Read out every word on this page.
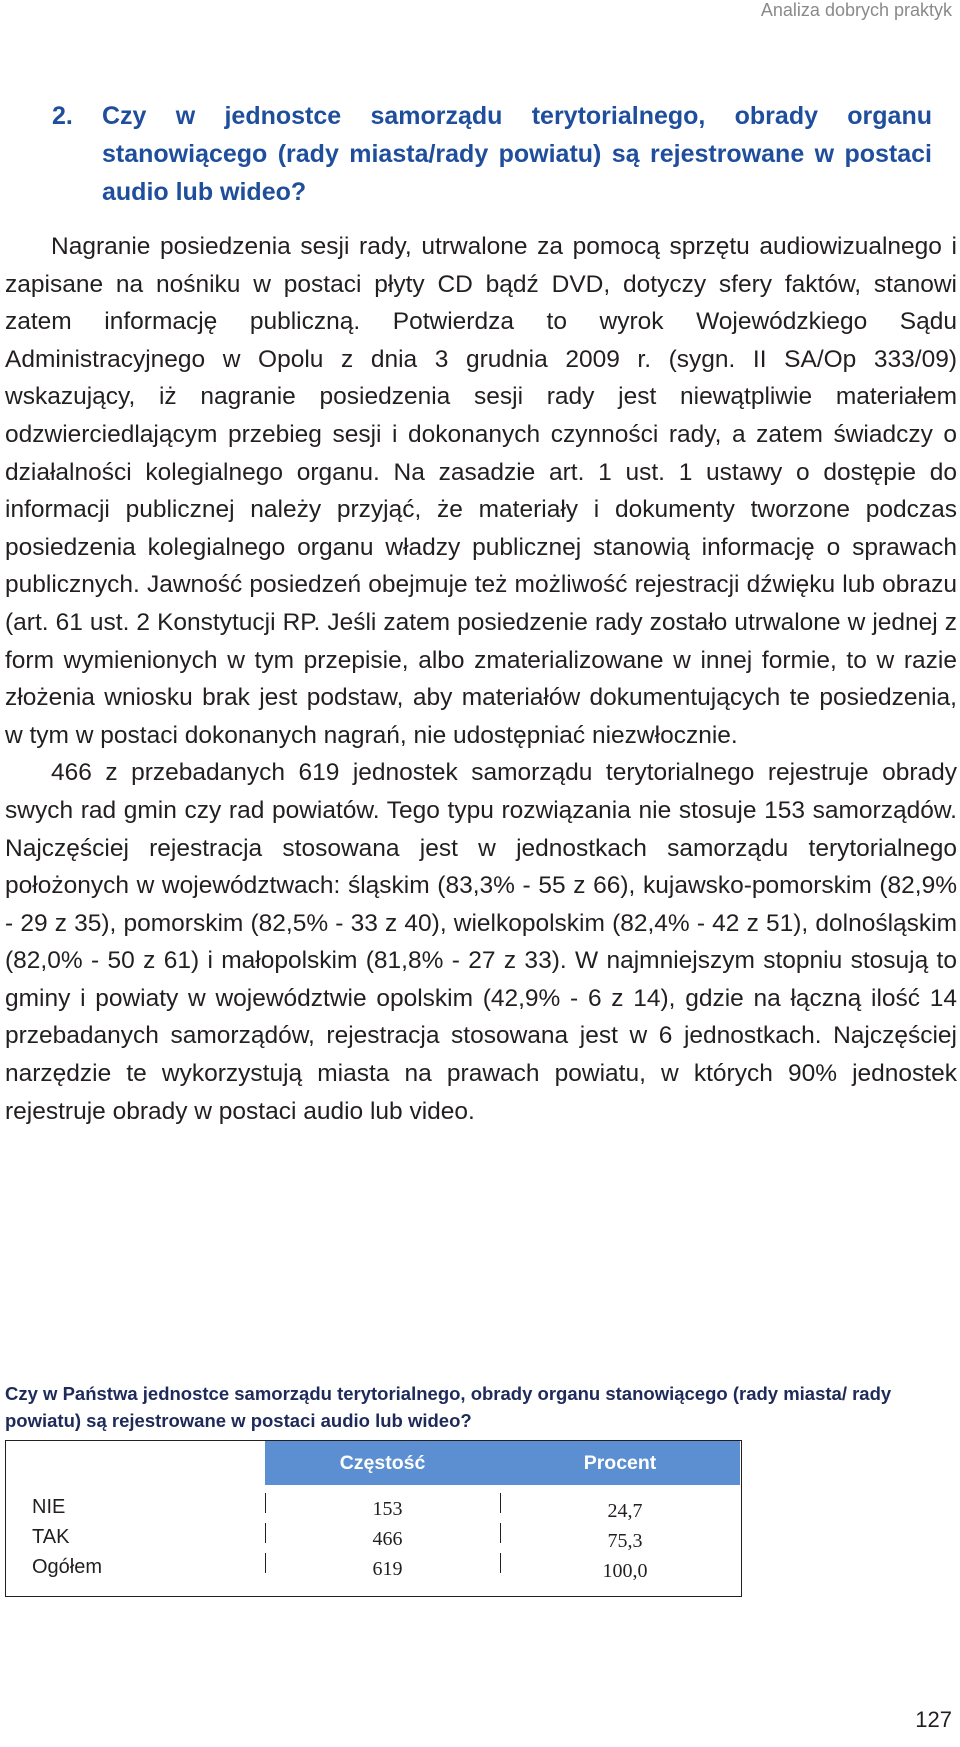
Analiza dobrych praktyk
2. Czy w jednostce samorządu terytorialnego, obrady organu stanowiącego (rady miasta/rady powiatu) są rejestrowane w postaci audio lub wideo?

Nagranie posiedzenia sesji rady, utrwalone za pomocą sprzętu audiowizualnego i zapisane na nośniku w postaci płyty CD bądź DVD, dotyczy sfery faktów, stanowi zatem informację publiczną. Potwierdza to wyrok Wojewódzkiego Sądu Administracyjnego w Opolu z dnia 3 grudnia 2009 r. (sygn. II SA/Op 333/09) wskazujący, iż nagranie posiedzenia sesji rady jest niewątpliwie materiałem odzwierciedlającym przebieg sesji i dokonanych czynności rady, a zatem świadczy o działalności kolegialnego organu. Na zasadzie art. 1 ust. 1 ustawy o dostępie do informacji publicznej należy przyjąć, że materiały i dokumenty tworzone podczas posiedzenia kolegialnego organu władzy publicznej stanowią informację o sprawach publicznych. Jawność posiedzeń obejmuje też możliwość rejestracji dźwięku lub obrazu (art. 61 ust. 2 Konstytucji RP. Jeśli zatem posiedzenie rady zostało utrwalone w jednej z form wymienionych w tym przepisie, albo zmaterializowane w innej formie, to w razie złożenia wniosku brak jest podstaw, aby materiałów dokumentujących te posiedzenia, w tym w postaci dokonanych nagrań, nie udostępniać niezwłocznie.

466 z przebadanych 619 jednostek samorządu terytorialnego rejestruje obrady swych rad gmin czy rad powiatów. Tego typu rozwiązania nie stosuje 153 samorządów. Najczęściej rejestracja stosowana jest w jednostkach samorządu terytorialnego położonych w województwach: śląskim (83,3% - 55 z 66), kujawsko-pomorskim (82,9% - 29 z 35), pomorskim (82,5% - 33 z 40), wielkopolskim (82,4% - 42 z 51), dolnośląskim (82,0% - 50 z 61) i małopolskim (81,8% - 27 z 33). W najmniejszym stopniu stosują to gminy i powiaty w województwie opolskim (42,9% - 6 z 14), gdzie na łączną ilość 14 przebadanych samorządów, rejestracja stosowana jest w 6 jednostkach. Najczęściej narzędzie te wykorzystują miasta na prawach powiatu, w których 90% jednostek rejestruje obrady w postaci audio lub video.

Czy w Państwa jednostce samorządu terytorialnego, obrady organu stanowiącego (rady miasta/ rady powiatu) są rejestrowane w postaci audio lub wideo?
Częstość	Procent
NIE	153	24,7
TAK	466	75,3
Ogółem	619	100,0
127
